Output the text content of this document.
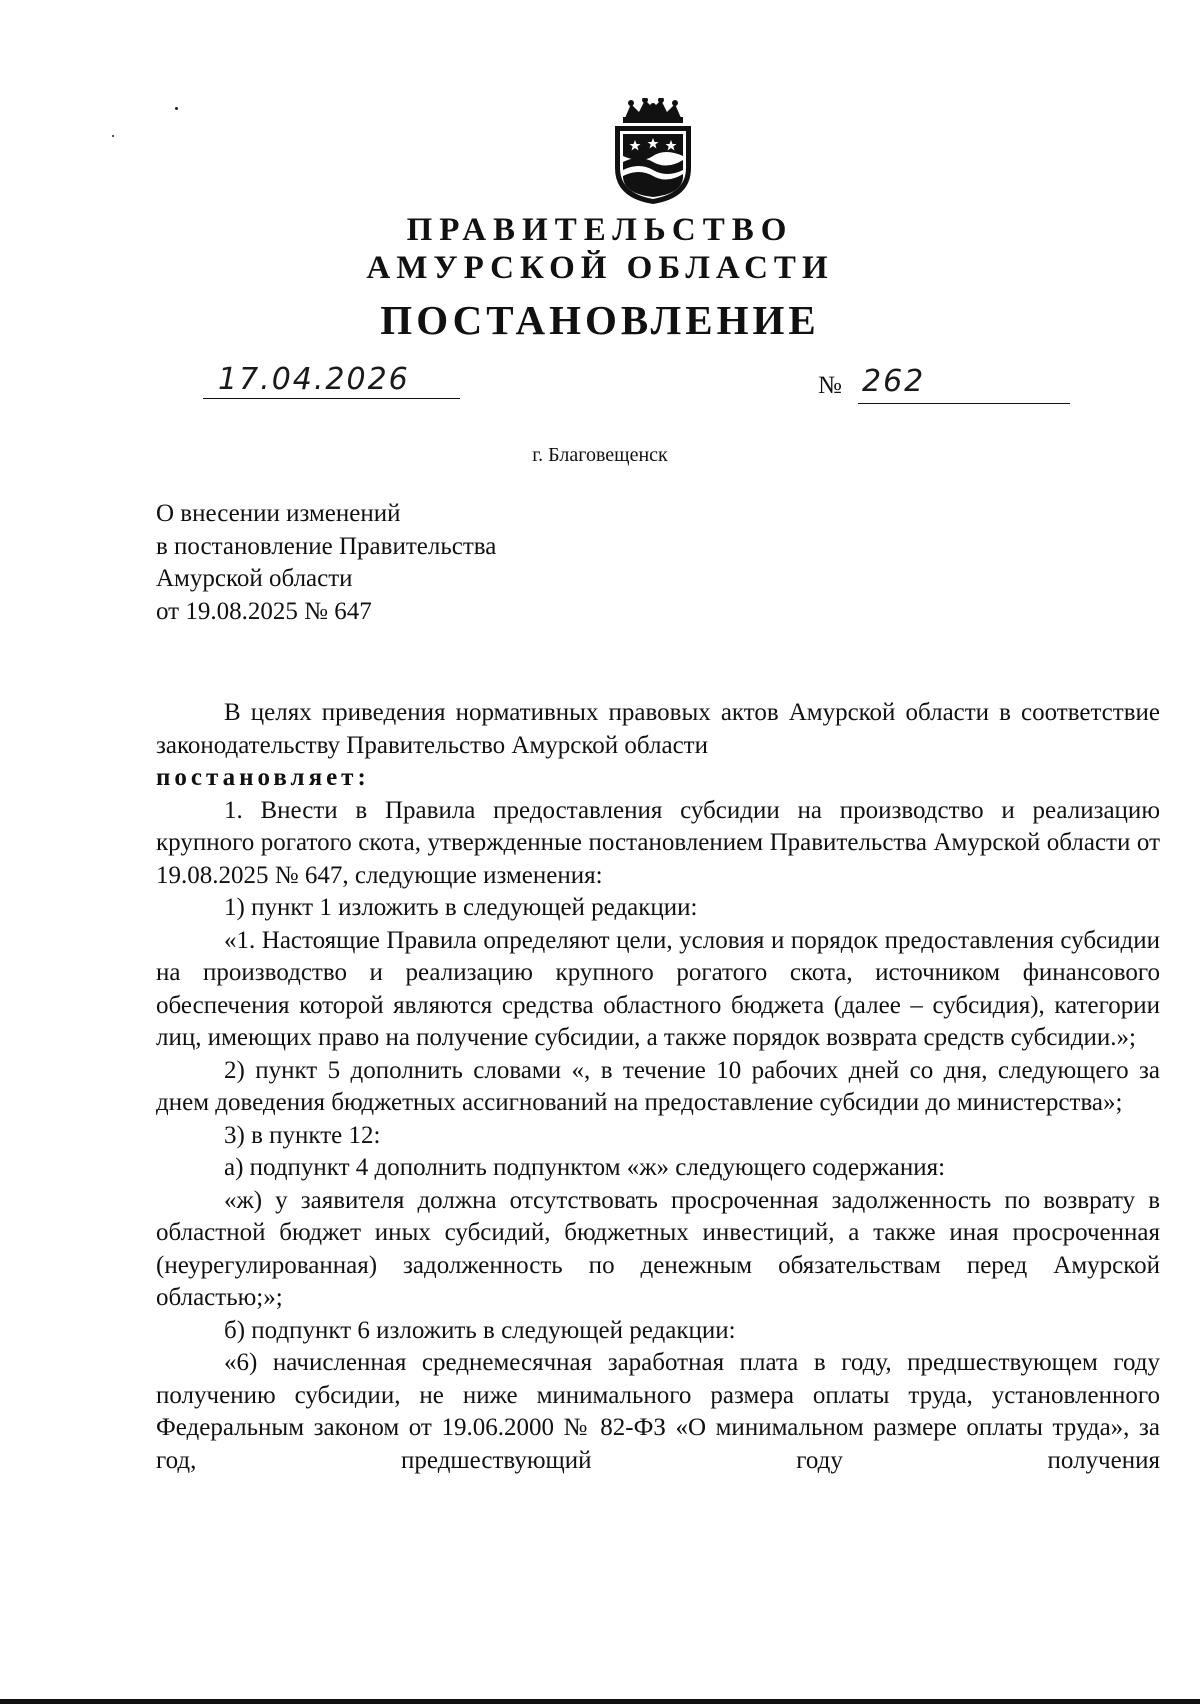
ПРАВИТЕЛЬСТВО
АМУРСКОЙ ОБЛАСТИ
ПОСТАНОВЛЕНИЕ
17.04.2026	№ 262
г. Благовещенск
О внесении изменений
в постановление Правительства
Амурской области
от 19.08.2025 № 647
В целях приведения нормативных правовых актов Амурской области в соответствие законодательству Правительство Амурской области
постановляет:
1. Внести в Правила предоставления субсидии на производство и реализацию крупного рогатого скота, утвержденные постановлением Правительства Амурской области от 19.08.2025 № 647, следующие изменения:
1) пункт 1 изложить в следующей редакции:
«1. Настоящие Правила определяют цели, условия и порядок предоставления субсидии на производство и реализацию крупного рогатого скота, источником финансового обеспечения которой являются средства областного бюджета (далее – субсидия), категории лиц, имеющих право на получение субсидии, а также порядок возврата средств субсидии.»;
2) пункт 5 дополнить словами «, в течение 10 рабочих дней со дня, следующего за днем доведения бюджетных ассигнований на предоставление субсидии до министерства»;
3) в пункте 12:
а) подпункт 4 дополнить подпунктом «ж» следующего содержания:
«ж) у заявителя должна отсутствовать просроченная задолженность по возврату в областной бюджет иных субсидий, бюджетных инвестиций, а также иная просроченная (неурегулированная) задолженность по денежным обязательствам перед Амурской областью;»;
б) подпункт 6 изложить в следующей редакции:
«6) начисленная среднемесячная заработная плата в году, предшествующем году получению субсидии, не ниже минимального размера оплаты труда, установленного Федеральным законом от 19.06.2000 № 82-ФЗ «О минимальном размере оплаты труда», за год, предшествующий году получения
